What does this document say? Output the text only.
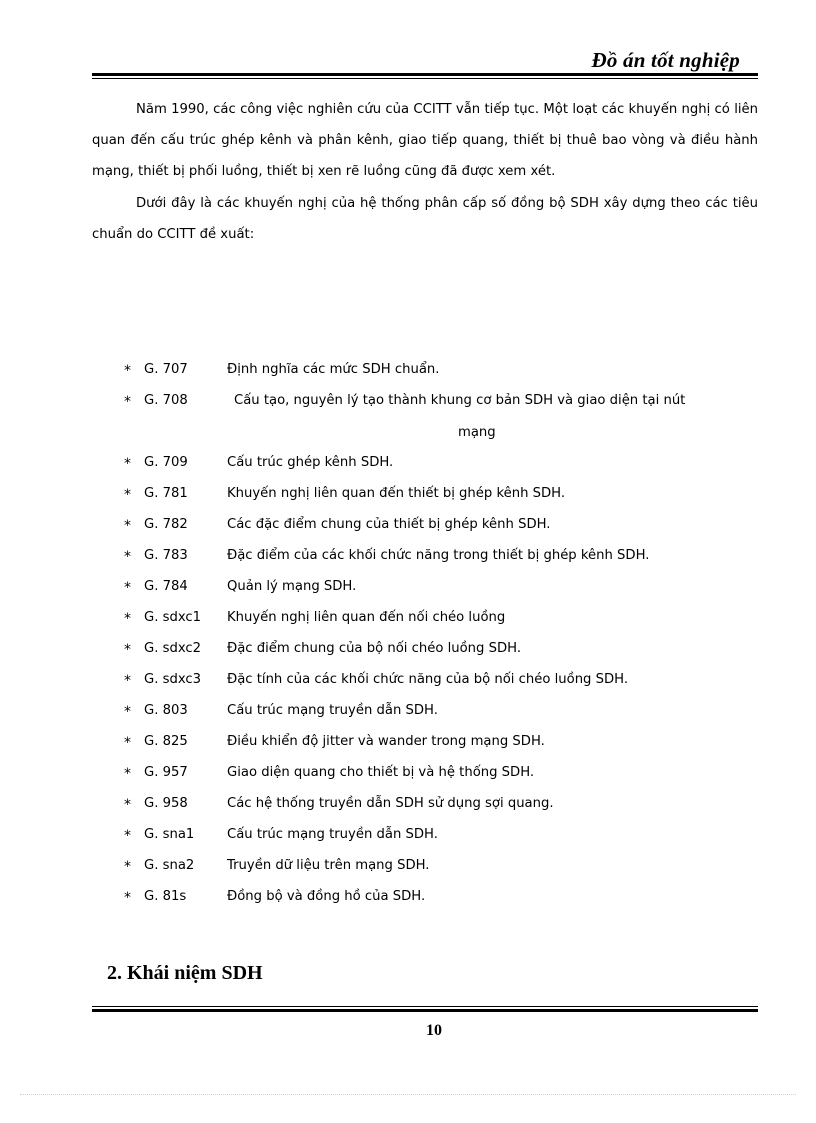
Đồ án tốt nghiệp

Năm 1990, các công việc nghiên cứu của CCITT vẫn tiếp tục. Một loạt các khuyến nghị có liên quan đến cấu trúc ghép kênh và phân kênh, giao tiếp quang, thiết bị thuê bao vòng và điều hành mạng, thiết bị phối luồng, thiết bị xen rẽ luồng cũng đã được xem xét.

Dưới đây là các khuyến nghị của hệ thống phân cấp số đồng bộ SDH xây dựng theo các tiêu chuẩn do CCITT đề xuất:

* G. 707	Định nghĩa các mức SDH chuẩn.
* G. 708	Cấu tạo, nguyên lý tạo thành khung cơ bản SDH và giao diện tại nút
mạng
* G. 709	Cấu trúc ghép kênh SDH.
* G. 781	Khuyến nghị liên quan đến thiết bị ghép kênh SDH.
* G. 782	Các đặc điểm chung của thiết bị ghép kênh SDH.
* G. 783	Đặc điểm của các khối chức năng trong thiết bị ghép kênh SDH.
* G. 784	Quản lý mạng SDH.
* G. sdxc1 Khuyến nghị liên quan đến nối chéo luồng
* G. sdxc2 Đặc điểm chung của bộ nối chéo luồng SDH.
* G. sdxc3 Đặc tính của các khối chức năng của bộ nối chéo luồng SDH.
* G. 803	Cấu trúc mạng truyền dẫn SDH.
* G. 825	Điều khiển độ jitter và wander trong mạng SDH.
* G. 957	Giao diện quang cho thiết bị và hệ thống SDH.
* G. 958	Các hệ thống truyền dẫn SDH sử dụng sợi quang.
* G. sna1 Cấu trúc mạng truyền dẫn SDH.
* G. sna2 Truyền dữ liệu trên mạng SDH.
* G. 81s	Đồng bộ và đồng hồ của SDH.
2. Khái niệm SDH
10
